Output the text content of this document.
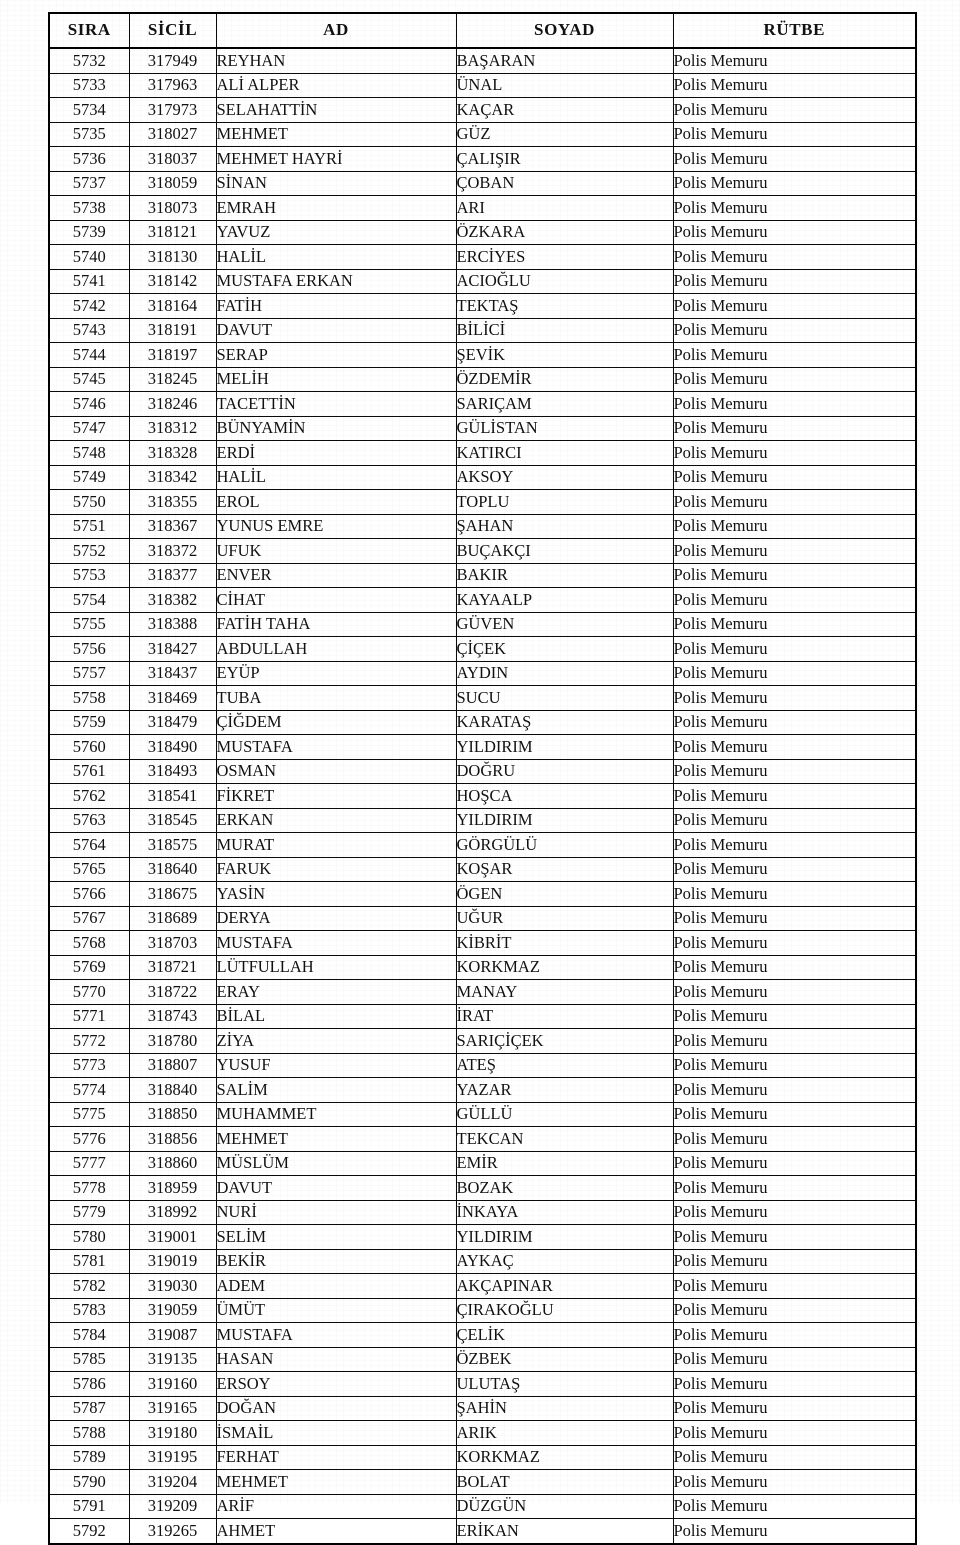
SIRA	SİCİL	AD	SOYAD	RÜTBE
5732	317949	REYHAN	BAŞARAN	Polis Memuru
5733	317963	ALİ ALPER	ÜNAL	Polis Memuru
5734	317973	SELAHATTİN	KAÇAR	Polis Memuru
5735	318027	MEHMET	GÜZ	Polis Memuru
5736	318037	MEHMET HAYRİ	ÇALIŞIR	Polis Memuru
5737	318059	SİNAN	ÇOBAN	Polis Memuru
5738	318073	EMRAH	ARI	Polis Memuru
5739	318121	YAVUZ	ÖZKARA	Polis Memuru
5740	318130	HALİL	ERCİYES	Polis Memuru
5741	318142	MUSTAFA ERKAN	ACIOĞLU	Polis Memuru
5742	318164	FATİH	TEKTAŞ	Polis Memuru
5743	318191	DAVUT	BİLİCİ	Polis Memuru
5744	318197	SERAP	ŞEVİK	Polis Memuru
5745	318245	MELİH	ÖZDEMİR	Polis Memuru
5746	318246	TACETTİN	SARIÇAM	Polis Memuru
5747	318312	BÜNYAMİN	GÜLİSTAN	Polis Memuru
5748	318328	ERDİ	KATIRCI	Polis Memuru
5749	318342	HALİL	AKSOY	Polis Memuru
5750	318355	EROL	TOPLU	Polis Memuru
5751	318367	YUNUS EMRE	ŞAHAN	Polis Memuru
5752	318372	UFUK	BUÇAKÇI	Polis Memuru
5753	318377	ENVER	BAKIR	Polis Memuru
5754	318382	CİHAT	KAYAALP	Polis Memuru
5755	318388	FATİH TAHA	GÜVEN	Polis Memuru
5756	318427	ABDULLAH	ÇİÇEK	Polis Memuru
5757	318437	EYÜP	AYDIN	Polis Memuru
5758	318469	TUBA	SUCU	Polis Memuru
5759	318479	ÇİĞDEM	KARATAŞ	Polis Memuru
5760	318490	MUSTAFA	YILDIRIM	Polis Memuru
5761	318493	OSMAN	DOĞRU	Polis Memuru
5762	318541	FİKRET	HOŞCA	Polis Memuru
5763	318545	ERKAN	YILDIRIM	Polis Memuru
5764	318575	MURAT	GÖRGÜLÜ	Polis Memuru
5765	318640	FARUK	KOŞAR	Polis Memuru
5766	318675	YASİN	ÖGEN	Polis Memuru
5767	318689	DERYA	UĞUR	Polis Memuru
5768	318703	MUSTAFA	KİBRİT	Polis Memuru
5769	318721	LÜTFULLAH	KORKMAZ	Polis Memuru
5770	318722	ERAY	MANAY	Polis Memuru
5771	318743	BİLAL	İRAT	Polis Memuru
5772	318780	ZİYA	SARIÇİÇEK	Polis Memuru
5773	318807	YUSUF	ATEŞ	Polis Memuru
5774	318840	SALİM	YAZAR	Polis Memuru
5775	318850	MUHAMMET	GÜLLÜ	Polis Memuru
5776	318856	MEHMET	TEKCAN	Polis Memuru
5777	318860	MÜSLÜM	EMİR	Polis Memuru
5778	318959	DAVUT	BOZAK	Polis Memuru
5779	318992	NURİ	İNKAYA	Polis Memuru
5780	319001	SELİM	YILDIRIM	Polis Memuru
5781	319019	BEKİR	AYKAÇ	Polis Memuru
5782	319030	ADEM	AKÇAPINAR	Polis Memuru
5783	319059	ÜMÜT	ÇIRAKOĞLU	Polis Memuru
5784	319087	MUSTAFA	ÇELİK	Polis Memuru
5785	319135	HASAN	ÖZBEK	Polis Memuru
5786	319160	ERSOY	ULUTAŞ	Polis Memuru
5787	319165	DOĞAN	ŞAHİN	Polis Memuru
5788	319180	İSMAİL	ARIK	Polis Memuru
5789	319195	FERHAT	KORKMAZ	Polis Memuru
5790	319204	MEHMET	BOLAT	Polis Memuru
5791	319209	ARİF	DÜZGÜN	Polis Memuru
5792	319265	AHMET	ERİKAN	Polis Memuru
